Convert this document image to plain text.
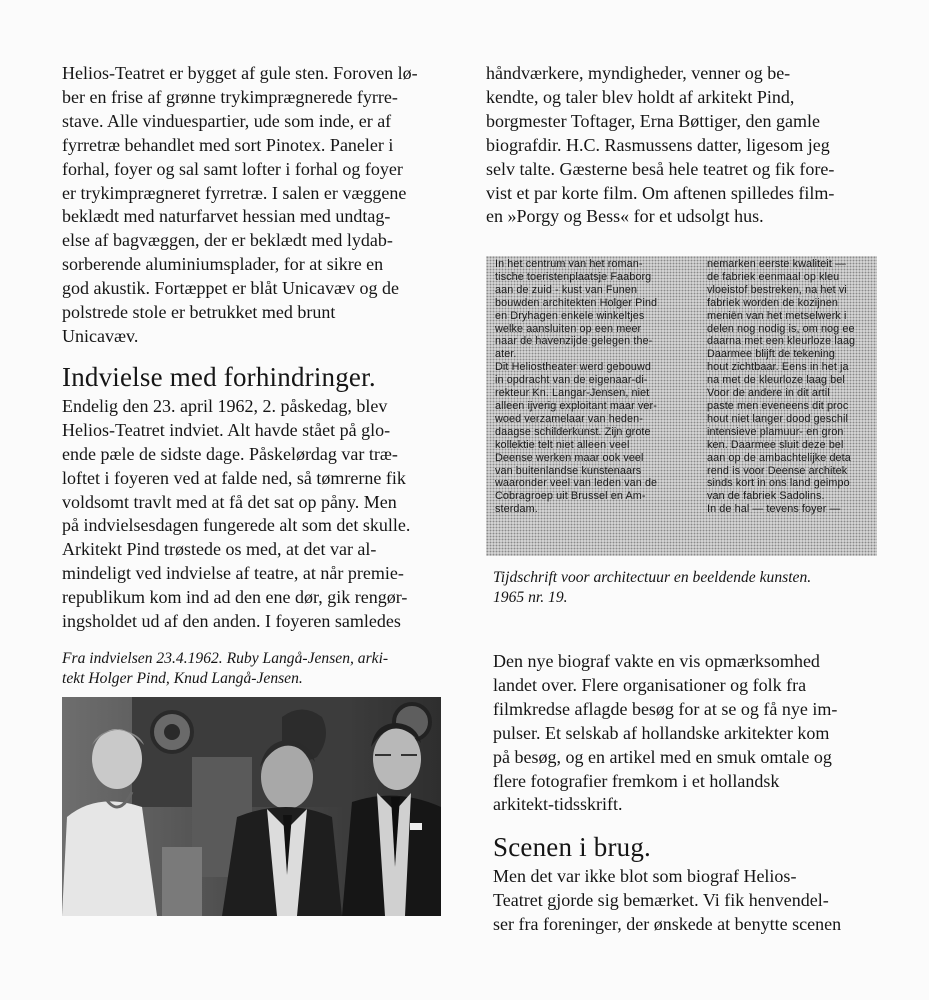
Helios-Teatret er bygget af gule sten. Foroven lø-
ber en frise af grønne trykimprægnerede fyrre-
stave. Alle vinduespartier, ude som inde, er af
fyrretræ behandlet med sort Pinotex. Paneler i
forhal, foyer og sal samt lofter i forhal og foyer
er trykimprægneret fyrretræ. I salen er væggene
beklædt med naturfarvet hessian med undtag-
else af bagvæggen, der er beklædt med lydab-
sorberende aluminiumsplader, for at sikre en
god akustik. Fortæppet er blåt Unicavæv og de
polstrede stole er betrukket med brunt
Unicavæv.

Indvielse med forhindringer.

Endelig den 23. april 1962, 2. påskedag, blev
Helios-Teatret indviet. Alt havde stået på glo-
ende pæle de sidste dage. Påskelørdag var træ-
loftet i foyeren ved at falde ned, så tømrerne fik
voldsomt travlt med at få det sat op påny. Men
på indvielsesdagen fungerede alt som det skulle.
Arkitekt Pind trøstede os med, at det var al-
mindeligt ved indvielse af teatre, at når premie-
republikum kom ind ad den ene dør, gik rengør-
ingsholdet ud af den anden. I foyeren samledes

Fra indvielsen 23.4.1962. Ruby Langå-Jensen, arki-
tekt Holger Pind, Knud Langå-Jensen.

håndværkere, myndigheder, venner og be-
kendte, og taler blev holdt af arkitekt Pind,
borgmester Toftager, Erna Bøttiger, den gamle
biografdir. H.C. Rasmussens datter, ligesom jeg
selv talte. Gæsterne beså hele teatret og fik fore-
vist et par korte film. Om aftenen spilledes film-
en »Porgy og Bess« for et udsolgt hus.

In het centrum van het roman-
tische toeristenplaatsje Faaborg
aan de zuid - kust van Funen
bouwden architekten Holger Pind
en Dryhagen enkele winkeltjes
welke aansluiten op een meer
naar de havenzijde gelegen the-
ater.
Dit Heliostheater werd gebouwd
in opdracht van de eigenaar-di-
rekteur Kn. Langar-Jensen, niet
alleen ijverig exploitant maar ver-
woed verzamelaar van heden-
daagse schilderkunst. Zijn grote
kollektie telt niet alleen veel
Deense werken maar ook veel
van buitenlandse kunstenaars
waaronder veel van leden van de
Cobragroep uit Brussel en Am-
sterdam.
nemarken eerste kwaliteit —
de fabriek eenmaal op kleu
vloeistof bestreken, na het vi
fabriek worden de kozijnen
meniën van het metselwerk i
delen nog nodig is, om nog ee
daarna met een kleurloze laag
Daarmee blijft de tekening
hout zichtbaar. Eens in het ja
na met de kleurloze laag bel
Voor de andere in dit artil
paste men eveneens dit proc
hout niet langer dood geschil
intensieve plamuur- en gron
ken. Daarmee sluit deze bel
aan op de ambachtelijke deta
rend is voor Deense architek
sinds kort in ons land geimpo
van de fabriek Sadolins.
In de hal — tevens foyer —

Tijdschrift voor architectuur en beeldende kunsten.
1965 nr. 19.

Den nye biograf vakte en vis opmærksomhed
landet over. Flere organisationer og folk fra
filmkredse aflagde besøg for at se og få nye im-
pulser. Et selskab af hollandske arkitekter kom
på besøg, og en artikel med en smuk omtale og
flere fotografier fremkom i et hollandsk
arkitekt-tidsskrift.

Scenen i brug.

Men det var ikke blot som biograf Helios-
Teatret gjorde sig bemærket. Vi fik henvendel-
ser fra foreninger, der ønskede at benytte scenen
